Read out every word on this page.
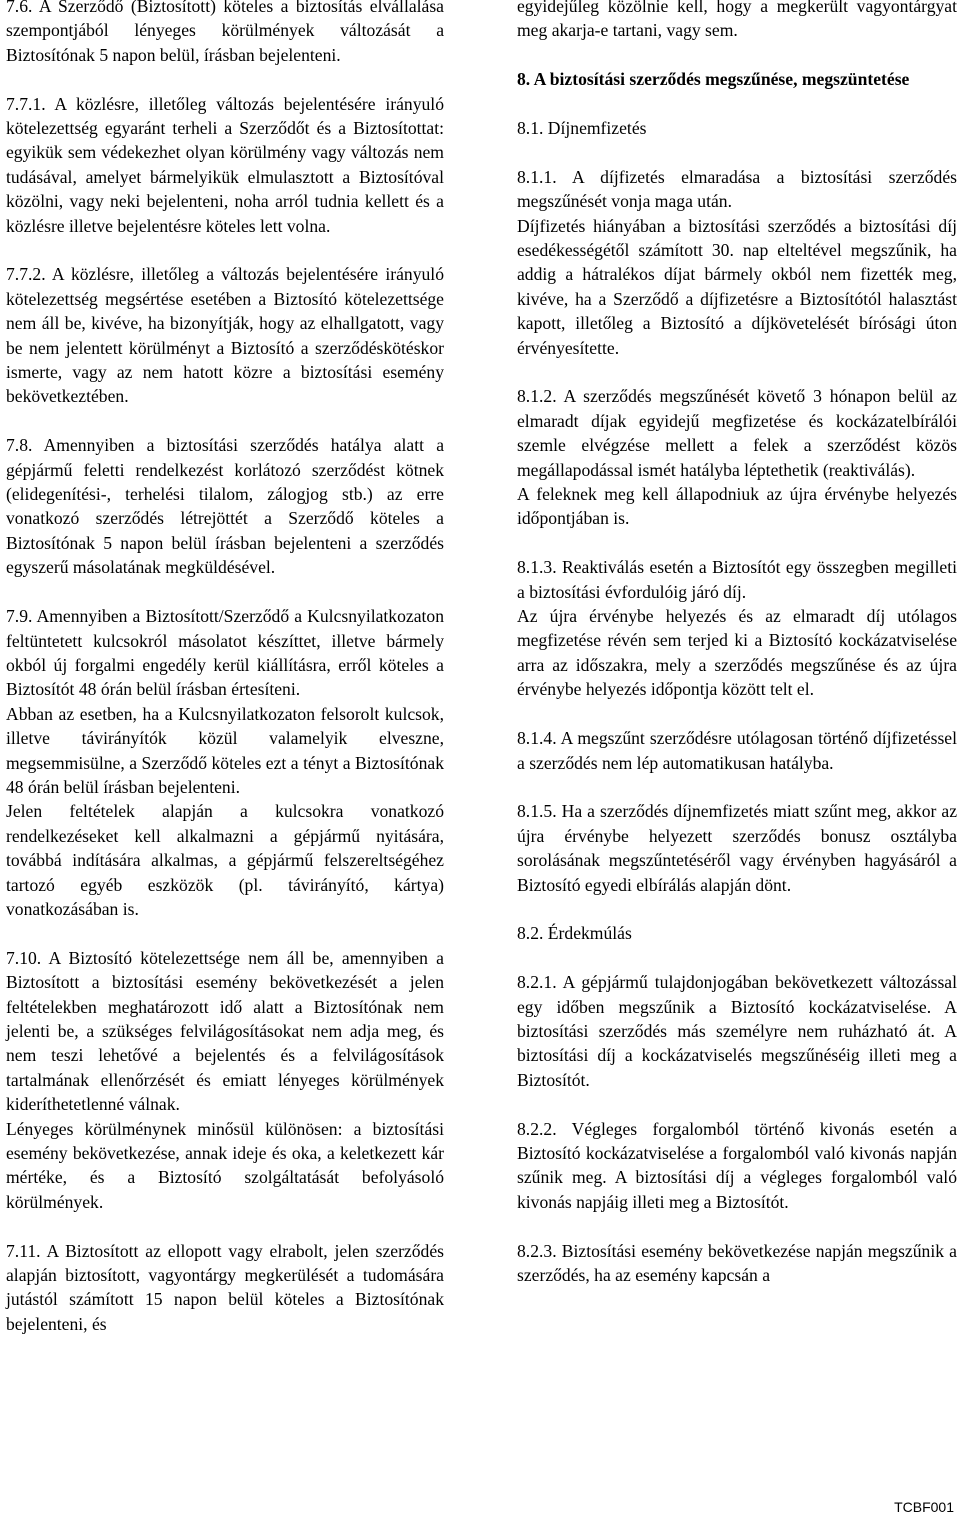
7.6. A Szerződő (Biztosított) köteles a biztosítás elvállalása szempontjából lényeges körülmények változását a Biztosítónak 5 napon belül, írásban bejelenteni.

7.7.1. A közlésre, illetőleg változás bejelentésére irányuló kötelezettség egyaránt terheli a Szerződőt és a Biztosítottat: egyikük sem védekezhet olyan körülmény vagy változás nem tudásával, amelyet bármelyikük elmulasztott a Biztosítóval közölni, vagy neki bejelenteni, noha arról tudnia kellett és a közlésre illetve bejelentésre köteles lett volna.

7.7.2. A közlésre, illetőleg a változás bejelentésére irányuló kötelezettség megsértése esetében a Biztosító kötelezettsége nem áll be, kivéve, ha bizonyítják, hogy az elhallgatott, vagy be nem jelentett körülményt a Biztosító a szerződéskötéskor ismerte, vagy az nem hatott közre a biztosítási esemény bekövetkeztében.

7.8. Amennyiben a biztosítási szerződés hatálya alatt a gépjármű feletti rendelkezést korlátozó szerződést kötnek (elidegenítési-, terhelési tilalom, zálogjog stb.) az erre vonatkozó szerződés létrejöttét a Szerződő köteles a Biztosítónak 5 napon belül írásban bejelenteni a szerződés egyszerű másolatának megküldésével.

7.9. Amennyiben a Biztosított/Szerződő a Kulcsnyilatkozaton feltüntetett kulcsokról másolatot készíttet, illetve bármely okból új forgalmi engedély kerül kiállításra, erről köteles a Biztosítót 48 órán belül írásban értesíteni.

Abban az esetben, ha a Kulcsnyilatkozaton felsorolt kulcsok, illetve távirányítók közül valamelyik elveszne, megsemmisülne, a Szerződő köteles ezt a tényt a Biztosítónak 48 órán belül írásban bejelenteni.

Jelen feltételek alapján a kulcsokra vonatkozó rendelkezéseket kell alkalmazni a gépjármű nyitására, továbbá indítására alkalmas, a gépjármű felszereltségéhez tartozó egyéb eszközök (pl. távirányító, kártya) vonatkozásában is.

7.10. A Biztosító kötelezettsége nem áll be, amennyiben a Biztosított a biztosítási esemény bekövetkezését a jelen feltételekben meghatározott idő alatt a Biztosítónak nem jelenti be, a szükséges felvilágosításokat nem adja meg, és nem teszi lehetővé a bejelentés és a felvilágosítások tartalmának ellenőrzését és emiatt lényeges körülmények kideríthetetlenné válnak.

Lényeges körülménynek minősül különösen: a biztosítási esemény bekövetkezése, annak ideje és oka, a keletkezett kár mértéke, és a Biztosító szolgáltatását befolyásoló körülmények.

7.11. A Biztosított az ellopott vagy elrabolt, jelen szerződés alapján biztosított, vagyontárgy megkerülését a tudomására jutástól számított 15 napon belül köteles a Biztosítónak bejelenteni, és

egyidejűleg közölnie kell, hogy a megkerült vagyontárgyat meg akarja-e tartani, vagy sem.

8. A biztosítási szerződés megszűnése, megszüntetése

8.1. Díjnemfizetés

8.1.1. A díjfizetés elmaradása a biztosítási szerződés megszűnését vonja maga után.

Díjfizetés hiányában a biztosítási szerződés a biztosítási díj esedékességétől számított 30. nap elteltével megszűnik, ha addig a hátralékos díjat bármely okból nem fizették meg, kivéve, ha a Szerződő a díjfizetésre a Biztosítótól halasztást kapott, illetőleg a Biztosító a díjkövetelését bírósági úton érvényesítette.

8.1.2. A szerződés megszűnését követő 3 hónapon belül az elmaradt díjak egyidejű megfizetése és kockázatelbírálói szemle elvégzése mellett a felek a szerződést közös megállapodással ismét hatályba léptethetik (reaktiválás).

A feleknek meg kell állapodniuk az újra érvénybe helyezés időpontjában is.

8.1.3. Reaktiválás esetén a Biztosítót egy összegben megilleti a biztosítási évfordulóig járó díj.

Az újra érvénybe helyezés és az elmaradt díj utólagos megfizetése révén sem terjed ki a Biztosító kockázatviselése arra az időszakra, mely a szerződés megszűnése és az újra érvénybe helyezés időpontja között telt el.

8.1.4. A megszűnt szerződésre utólagosan történő díjfizetéssel a szerződés nem lép automatikusan hatályba.

8.1.5. Ha a szerződés díjnemfizetés miatt szűnt meg, akkor az újra érvénybe helyezett szerződés bonusz osztályba sorolásának megszűntetéséről vagy érvényben hagyásáról a Biztosító egyedi elbírálás alapján dönt.

8.2. Érdekmúlás

8.2.1. A gépjármű tulajdonjogában bekövetkezett változással egy időben megszűnik a Biztosító kockázatviselése. A biztosítási szerződés más személyre nem ruházható át. A biztosítási díj a kockázatviselés megszűnéséig illeti meg a Biztosítót.

8.2.2. Végleges forgalomból történő kivonás esetén a Biztosító kockázatviselése a forgalomból való kivonás napján szűnik meg. A biztosítási díj a végleges forgalomból való kivonás napjáig illeti meg a Biztosítót.

8.2.3. Biztosítási esemény bekövetkezése napján megszűnik a szerződés, ha az esemény kapcsán a

TCBF001
